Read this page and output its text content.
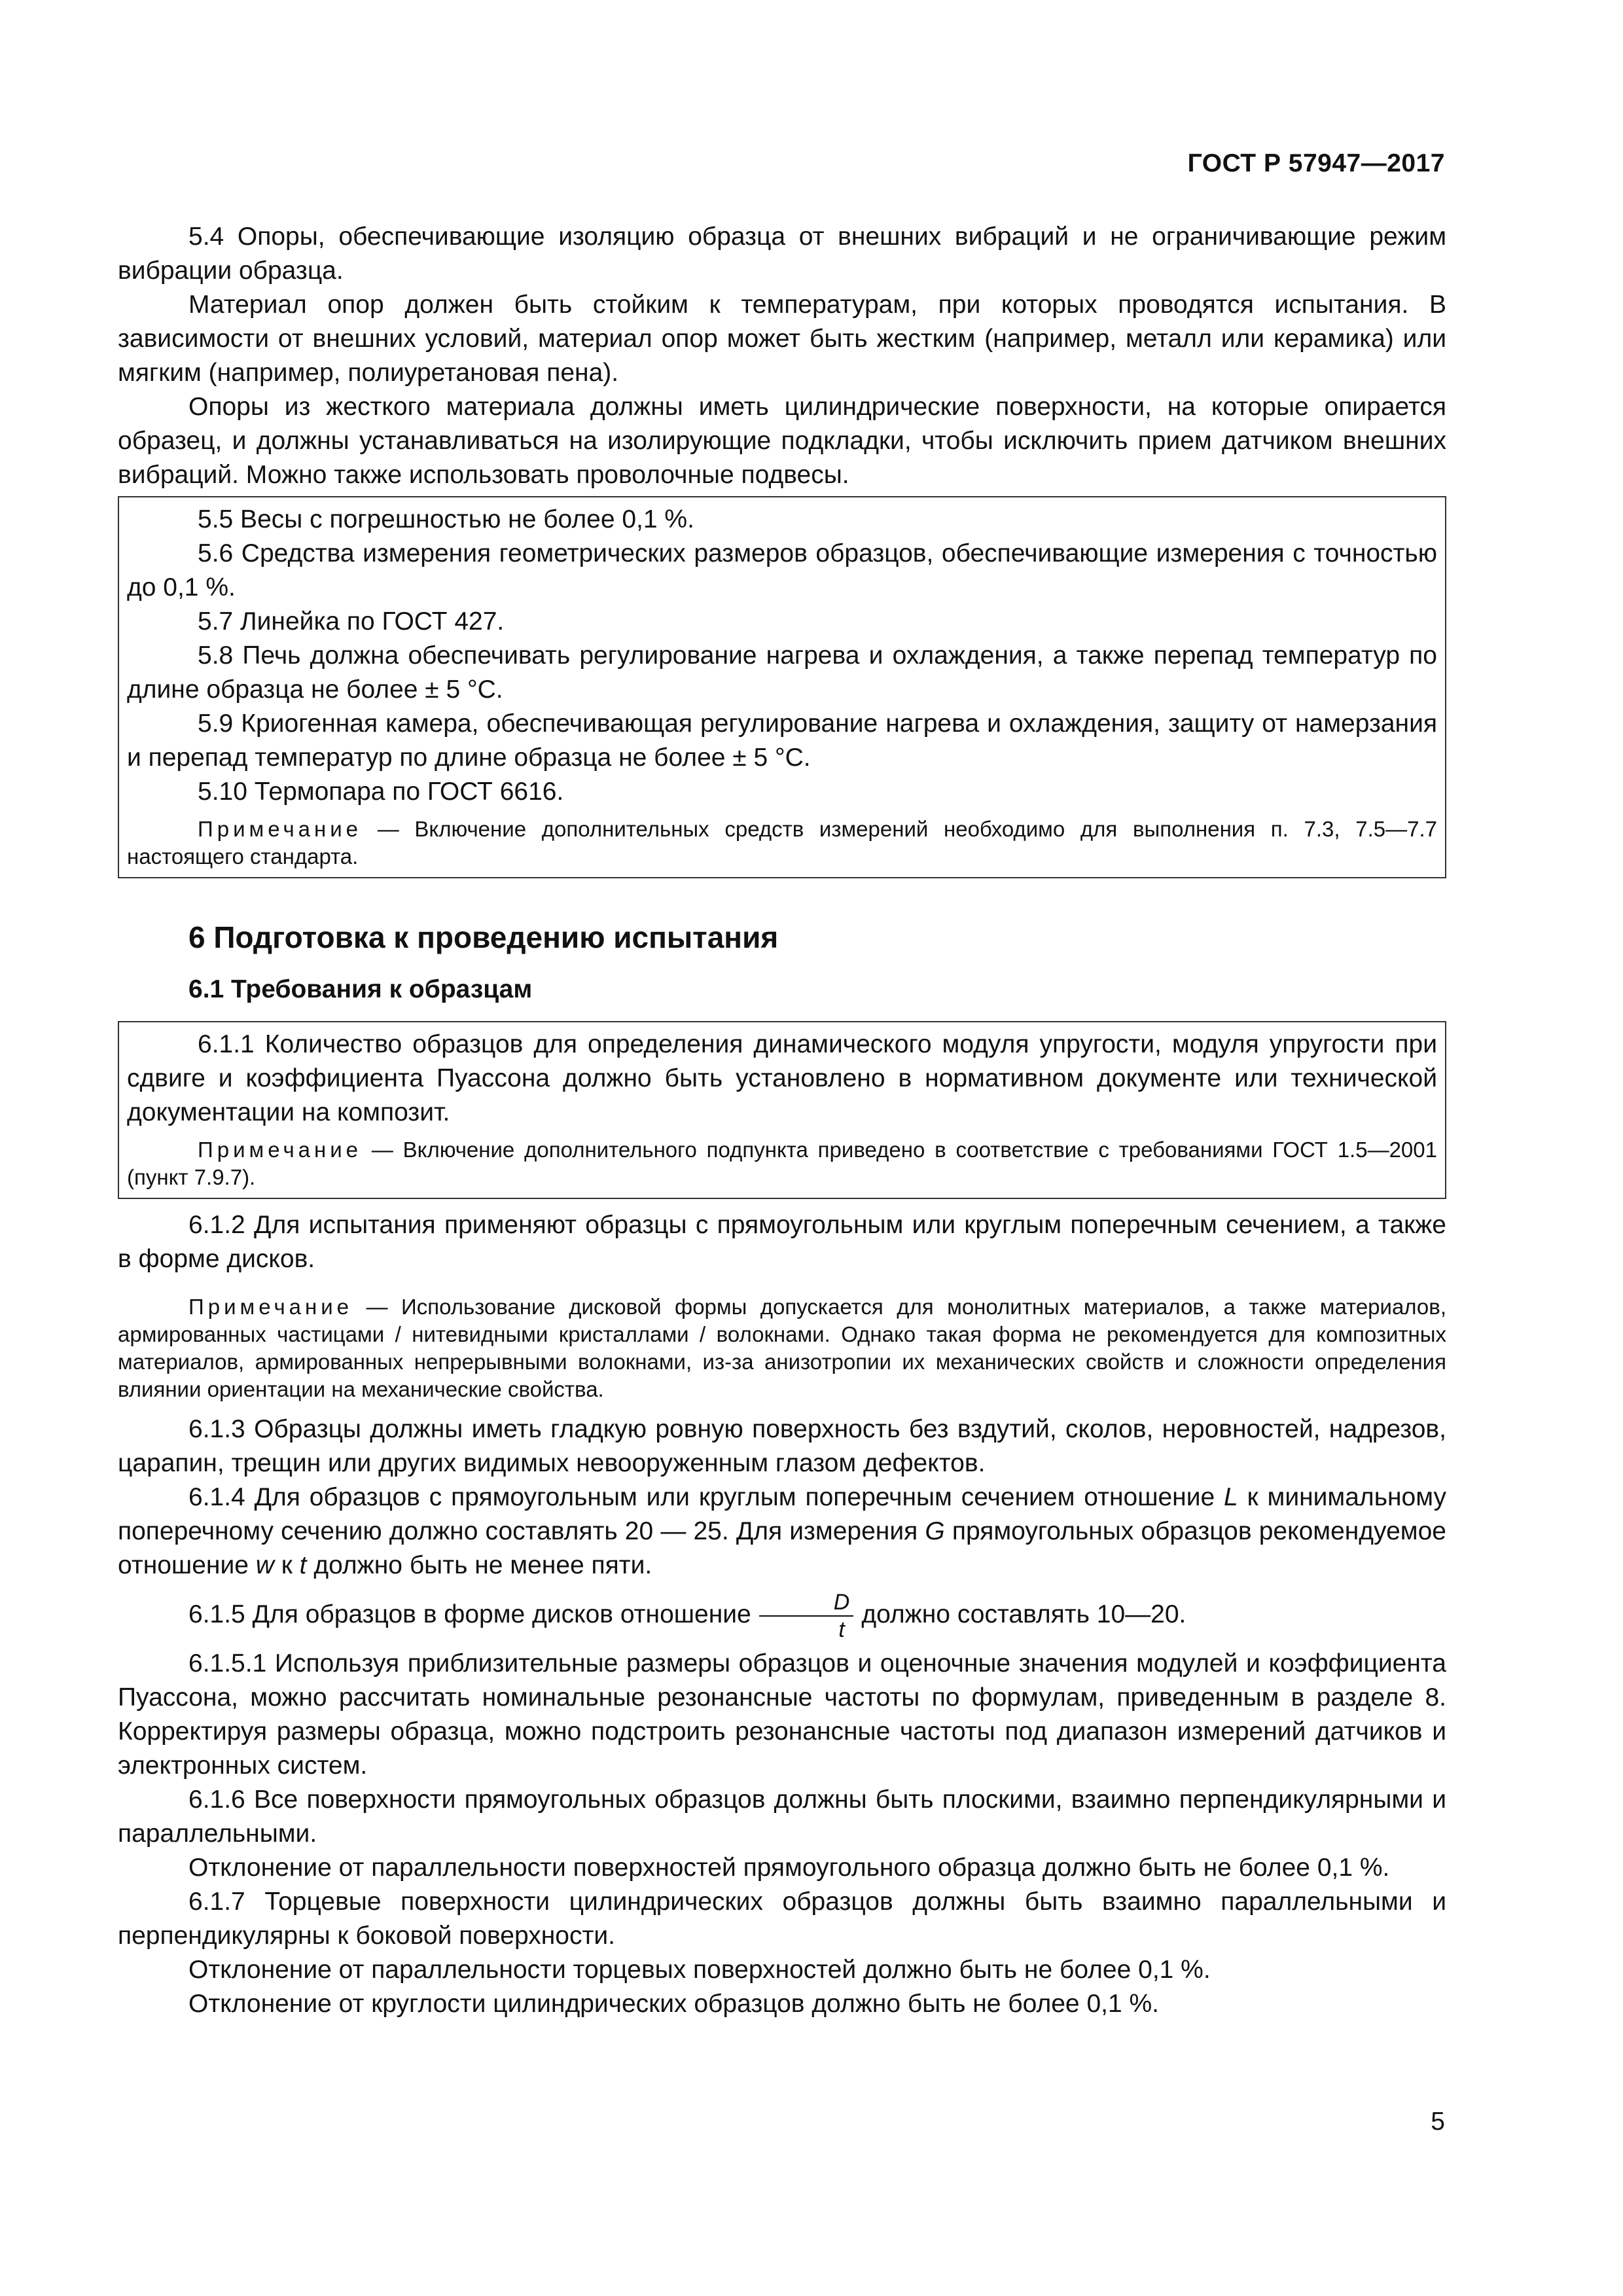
ГОСТ Р 57947—2017

5.4 Опоры, обеспечивающие изоляцию образца от внешних вибраций и не ограничивающие режим вибрации образца.

Материал опор должен быть стойким к температурам, при которых проводятся испытания. В зависимости от внешних условий, материал опор может быть жестким (например, металл или керамика) или мягким (например, полиуретановая пена).

Опоры из жесткого материала должны иметь цилиндрические поверхности, на которые опирается образец, и должны устанавливаться на изолирующие подкладки, чтобы исключить прием датчиком внешних вибраций. Можно также использовать проволочные подвесы.

5.5 Весы с погрешностью не более 0,1 %.

5.6 Средства измерения геометрических размеров образцов, обеспечивающие измерения с точностью до 0,1 %.

5.7 Линейка по ГОСТ 427.

5.8 Печь должна обеспечивать регулирование нагрева и охлаждения, а также перепад температур по длине образца не более ± 5 °С.

5.9 Криогенная камера, обеспечивающая регулирование нагрева и охлаждения, защиту от намерзания и перепад температур по длине образца не более ± 5 °С.

5.10 Термопара по ГОСТ 6616.

Примечание — Включение дополнительных средств измерений необходимо для выполнения п. 7.3, 7.5—7.7 настоящего стандарта.

6 Подготовка к проведению испытания
6.1 Требования к образцам

6.1.1 Количество образцов для определения динамического модуля упругости, модуля упругости при сдвиге и коэффициента Пуассона должно быть установлено в нормативном документе или технической документации на композит.

Примечание — Включение дополнительного подпункта приведено в соответствие с требованиями ГОСТ 1.5—2001 (пункт 7.9.7).

6.1.2 Для испытания применяют образцы с прямоугольным или круглым поперечным сечением, а также в форме дисков.

Примечание — Использование дисковой формы допускается для монолитных материалов, а также материалов, армированных частицами / нитевидными кристаллами / волокнами. Однако такая форма не рекомендуется для композитных материалов, армированных непрерывными волокнами, из-за анизотропии их механических свойств и сложности определения влиянии ориентации на механические свойства.

6.1.3 Образцы должны иметь гладкую ровную поверхность без вздутий, сколов, неровностей, надрезов, царапин, трещин или других видимых невооруженным глазом дефектов.

6.1.4 Для образцов с прямоугольным или круглым поперечным сечением отношение L к минимальному поперечному сечению должно составлять 20 — 25. Для измерения G прямоугольных образцов рекомендуемое отношение w к t должно быть не менее пяти.

6.1.5 Для образцов в форме дисков отношение $\frac{D}{t}$ должно составлять 10—20.

6.1.5.1 Используя приблизительные размеры образцов и оценочные значения модулей и коэффициента Пуассона, можно рассчитать номинальные резонансные частоты по формулам, приведенным в разделе 8. Корректируя размеры образца, можно подстроить резонансные частоты под диапазон измерений датчиков и электронных систем.

6.1.6 Все поверхности прямоугольных образцов должны быть плоскими, взаимно перпендикулярными и параллельными.

Отклонение от параллельности поверхностей прямоугольного образца должно быть не более 0,1 %.

6.1.7 Торцевые поверхности цилиндрических образцов должны быть взаимно параллельными и перпендикулярны к боковой поверхности.

Отклонение от параллельности торцевых поверхностей должно быть не более 0,1 %.

Отклонение от круглости цилиндрических образцов должно быть не более 0,1 %.

5
